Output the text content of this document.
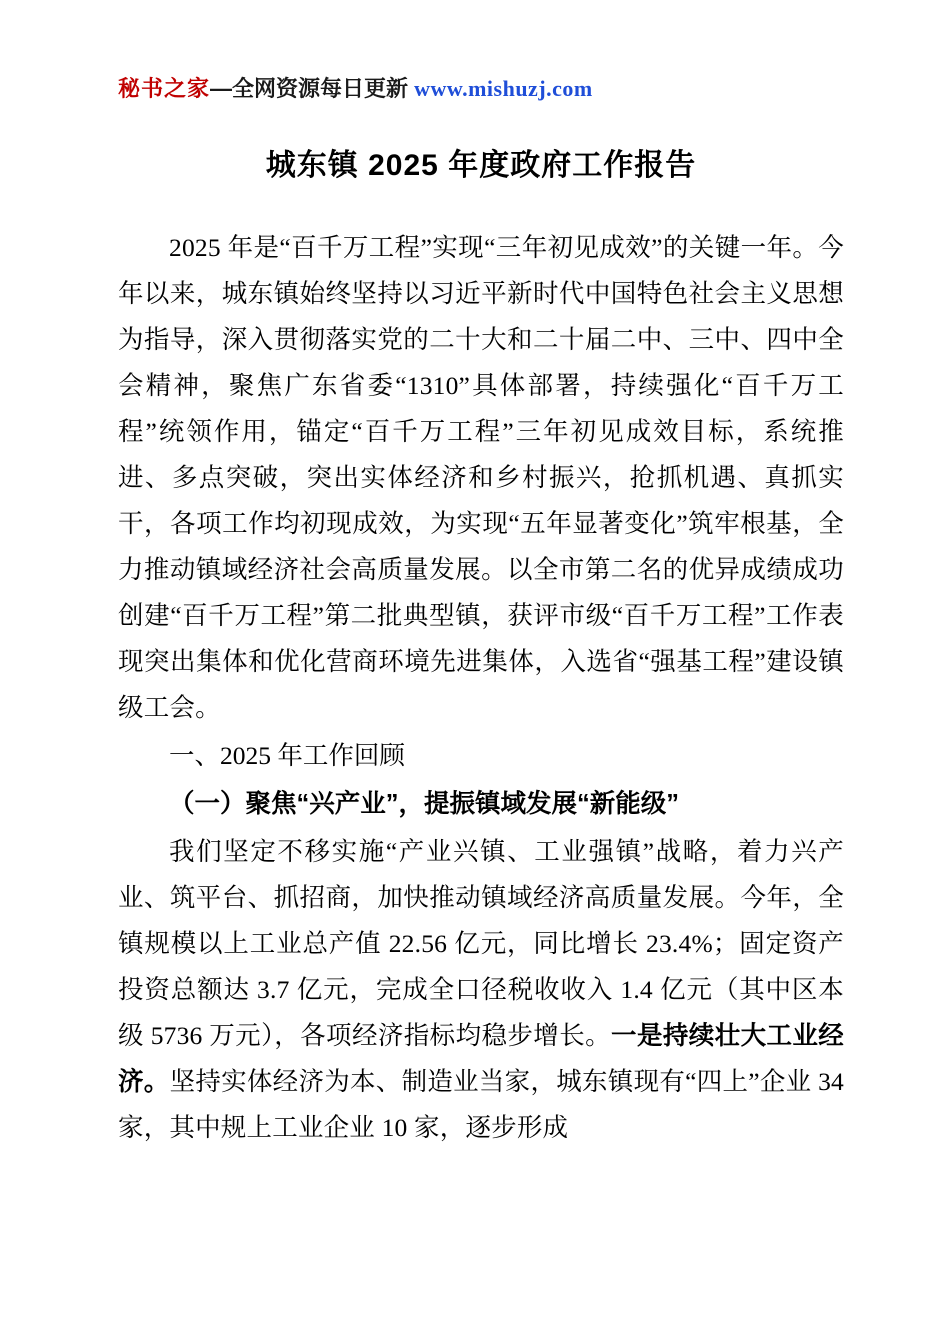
秘书之家—全网资源每日更新 www.mishuzj.com
城东镇 2025 年度政府工作报告

2025 年是“百千万工程”实现“三年初见成效”的关键一年。今年以来，城东镇始终坚持以习近平新时代中国特色社会主义思想为指导，深入贯彻落实党的二十大和二十届二中、三中、四中全会精神，聚焦广东省委“1310”具体部署，持续强化“百千万工程”统领作用，锚定“百千万工程”三年初见成效目标，系统推进、多点突破，突出实体经济和乡村振兴，抢抓机遇、真抓实干，各项工作均初现成效，为实现“五年显著变化”筑牢根基，全力推动镇域经济社会高质量发展。以全市第二名的优异成绩成功创建“百千万工程”第二批典型镇，获评市级“百千万工程”工作表现突出集体和优化营商环境先进集体，入选省“强基工程”建设镇级工会。

一、2025 年工作回顾

（一）聚焦“兴产业”，提振镇域发展“新能级”

我们坚定不移实施“产业兴镇、工业强镇”战略，着力兴产业、筑平台、抓招商，加快推动镇域经济高质量发展。今年，全镇规模以上工业总产值 22.56 亿元，同比增长 23.4%；固定资产投资总额达 3.7 亿元，完成全口径税收收入 1.4 亿元（其中区本级 5736 万元），各项经济指标均稳步增长。一是持续壮大工业经济。坚持实体经济为本、制造业当家，城东镇现有“四上”企业 34 家，其中规上工业企业 10 家，逐步形成
